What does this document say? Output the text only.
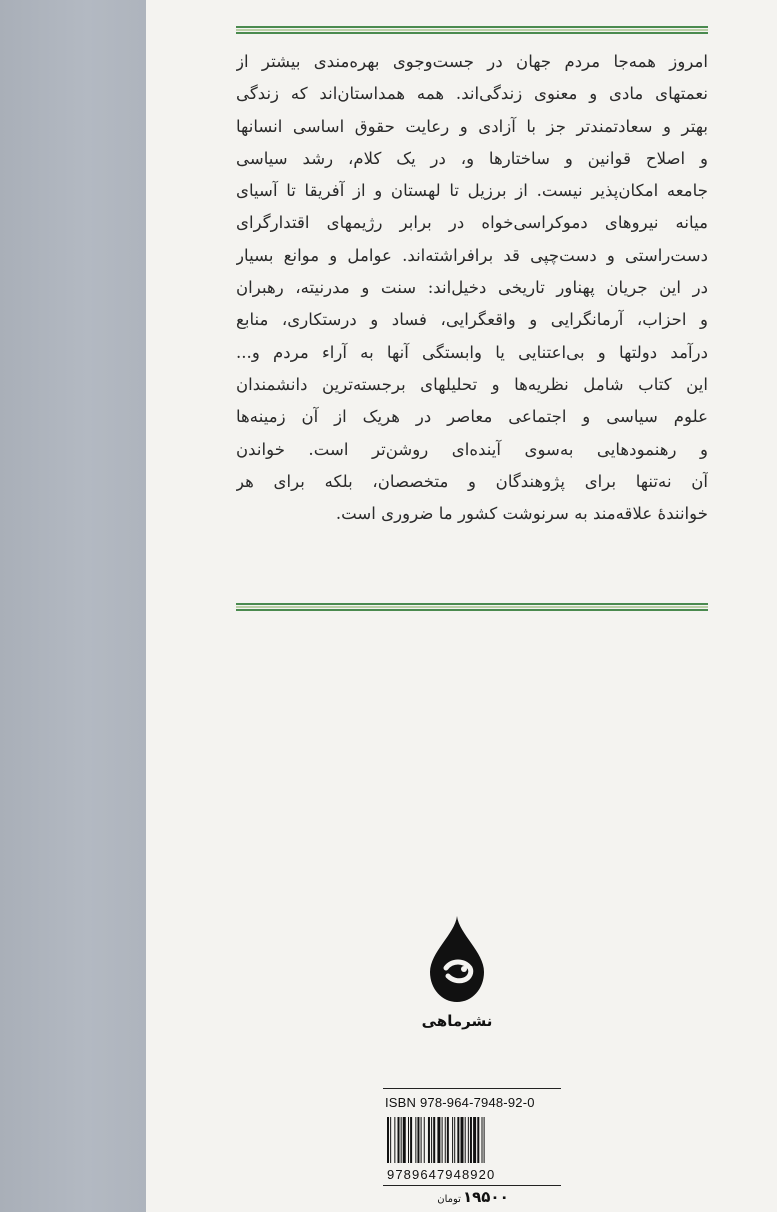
امروز همه‌جا مردم جهان در جست‌وجوی بهره‌مندی بیشتر از
نعمتهای مادی و معنوی زندگی‌اند. همه همداستان‌اند که زندگی
بهتر و سعادتمندتر جز با آزادی و رعایت حقوق اساسی انسانها
و اصلاح قوانین و ساختارها و، در یک کلام، رشد سیاسی
جامعه امکان‌پذیر نیست. از برزیل تا لهستان و از آفریقا تا آسیای
میانه نیروهای دموکراسی‌خواه در برابر رژیمهای اقتدارگرای
دست‌راستی و دست‌چپی قد برافراشته‌اند. عوامل و موانع بسیار
در این جریان پهناور تاریخی دخیل‌اند: سنت و مدرنیته، رهبران
و احزاب، آرمانگرایی و واقعگرایی، فساد و درستکاری، منابع
درآمد دولتها و بی‌اعتنایی یا وابستگی آنها به آراء مردم و...
این کتاب شامل نظریه‌ها و تحلیلهای برجسته‌ترین دانشمندان
علوم سیاسی و اجتماعی معاصر در هریک از آن زمینه‌ها
و رهنمودهایی به‌سوی آینده‌ای روشن‌تر است. خواندن
آن نه‌تنها برای پژوهندگان و متخصصان، بلکه برای هر
خوانندهٔ علاقه‌مند به سرنوشت کشور ما ضروری است.
نشرماهی
ISBN 978-964-7948-92-0
9789647948920
۱۹۵۰۰تومان
